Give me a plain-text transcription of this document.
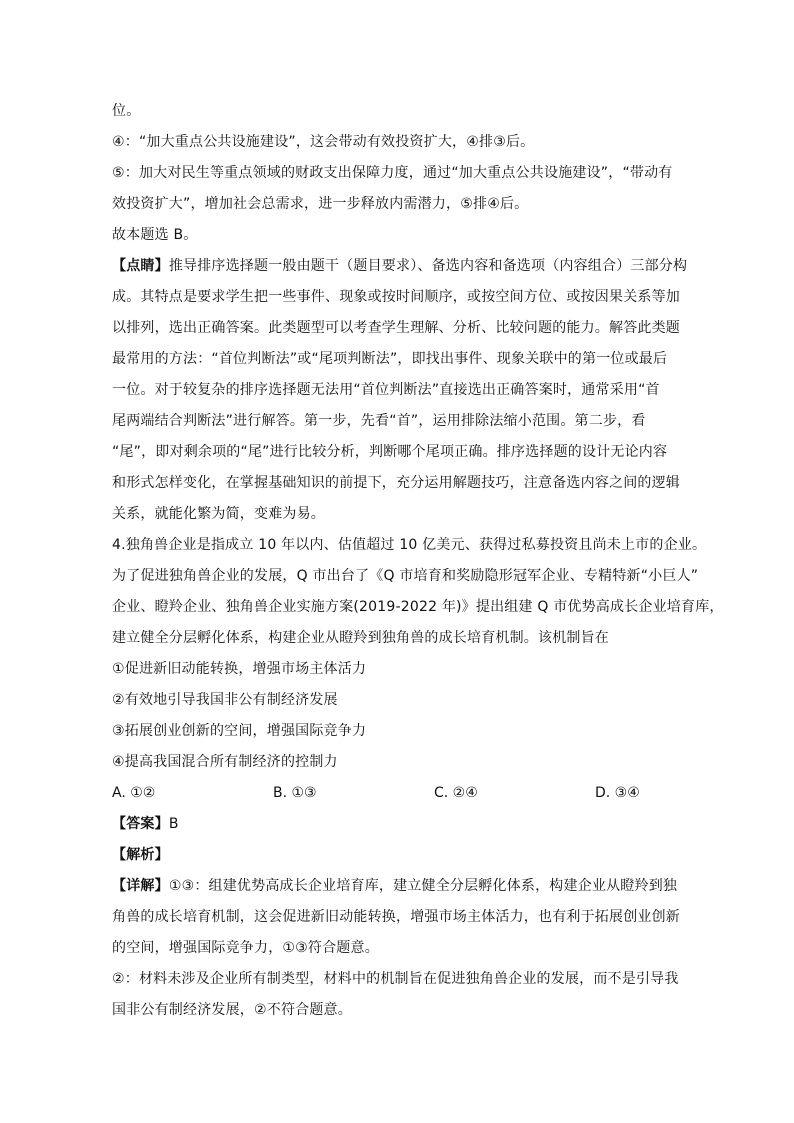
位。
④：“加大重点公共设施建设”，这会带动有效投资扩大，④排③后。
⑤：加大对民生等重点领域的财政支出保障力度，通过“加大重点公共设施建设”，“带动有
效投资扩大”，增加社会总需求，进一步释放内需潜力，⑤排④后。
故本题选 B。
【点睛】推导排序选择题一般由题干（题目要求）、备选内容和备选项（内容组合）三部分构
成。其特点是要求学生把一些事件、现象或按时间顺序，或按空间方位、或按因果关系等加
以排列，选出正确答案。此类题型可以考查学生理解、分析、比较问题的能力。解答此类题
最常用的方法：“首位判断法”或“尾项判断法”，即找出事件、现象关联中的第一位或最后
一位。对于较复杂的排序选择题无法用“首位判断法”直接选出正确答案时，通常采用“首
尾两端结合判断法”进行解答。第一步，先看“首”，运用排除法缩小范围。第二步，看
“尾”，即对剩余项的“尾”进行比较分析，判断哪个尾项正确。排序选择题的设计无论内容
和形式怎样变化，在掌握基础知识的前提下，充分运用解题技巧，注意备选内容之间的逻辑
关系，就能化繁为简，变难为易。
4.独角兽企业是指成立 10 年以内、估值超过 10 亿美元、获得过私募投资且尚未上市的企业。
为了促进独角兽企业的发展，Q 市出台了《Q 市培育和奖励隐形冠军企业、专精特新“小巨人”
企业、瞪羚企业、独角兽企业实施方案(2019-2022 年)》提出组建 Q 市优势高成长企业培育库，
建立健全分层孵化体系，构建企业从瞪羚到独角兽的成长培育机制。该机制旨在
①促进新旧动能转换，增强市场主体活力
②有效地引导我国非公有制经济发展
③拓展创业创新的空间，增强国际竞争力
④提高我国混合所有制经济的控制力
A. ①②	B. ①③	C. ②④	D. ③④
【答案】B
【解析】
【详解】①③：组建优势高成长企业培育库，建立健全分层孵化体系，构建企业从瞪羚到独
角兽的成长培育机制，这会促进新旧动能转换，增强市场主体活力，也有利于拓展创业创新
的空间，增强国际竞争力，①③符合题意。
②：材料未涉及企业所有制类型，材料中的机制旨在促进独角兽企业的发展，而不是引导我
国非公有制经济发展，②不符合题意。
